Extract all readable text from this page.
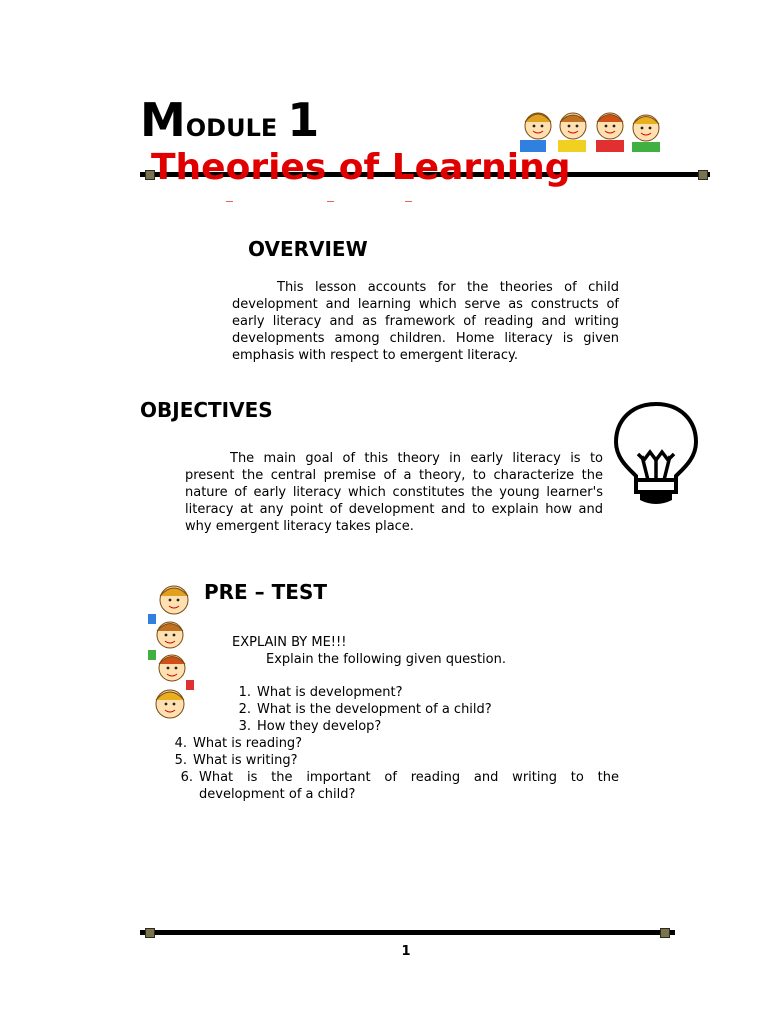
MODULE 1
Theories of Learning
OVERVIEW

This lesson accounts for the theories of child development and learning which serve as constructs of early literacy and as framework of reading and writing developments among children. Home literacy is given emphasis with respect to emergent literacy.

OBJECTIVES

The main goal of this theory in early literacy is to present the central premise of a theory, to characterize the nature of early literacy which constitutes the young learner's literacy at any point of development and to explain how and why emergent literacy takes place.

PRE – TEST
EXPLAIN BY ME!!!
Explain the following given question.
1. What is development?
2. What is the development of a child?
3. How they develop?
4. What is reading?
5. What is writing?
6. What is the important of reading and writing to the development of a child?
1
